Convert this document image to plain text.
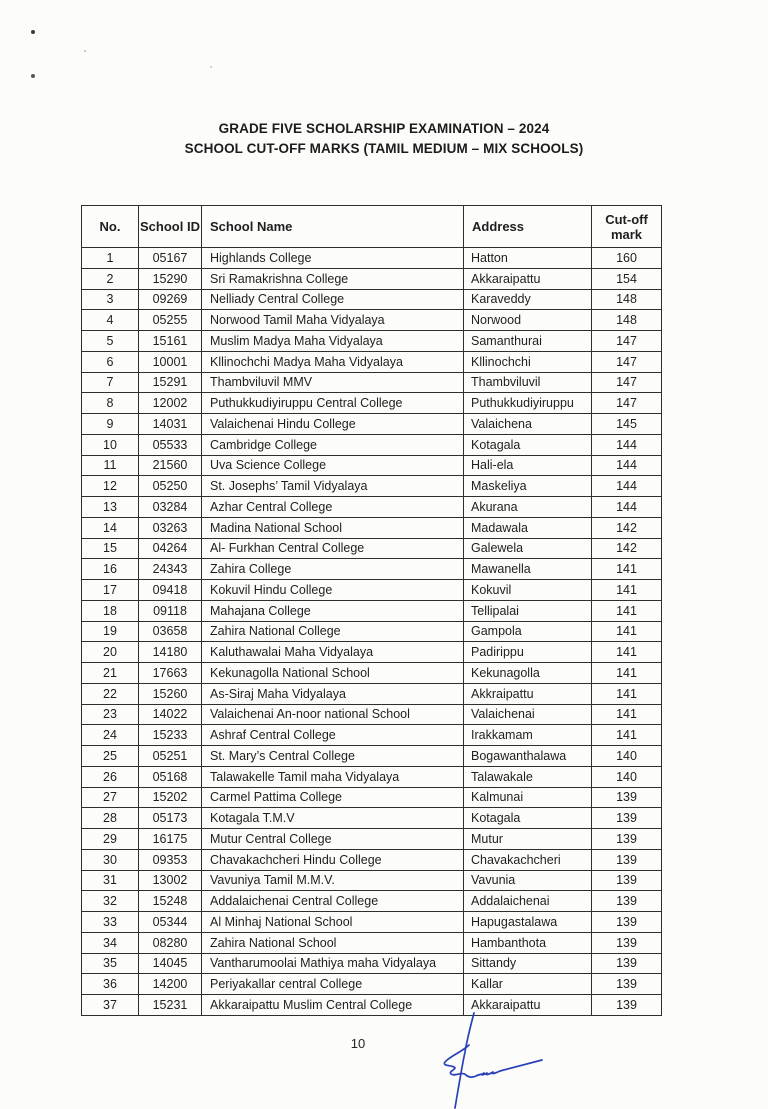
GRADE FIVE SCHOLARSHIP EXAMINATION – 2024
SCHOOL CUT-OFF MARKS (TAMIL MEDIUM – MIX SCHOOLS)
No.	School ID	School Name	Address	Cut-off mark
1	05167	Highlands College	Hatton	160
2	15290	Sri Ramakrishna College	Akkaraipattu	154
3	09269	Nelliady Central College	Karaveddy	148
4	05255	Norwood Tamil Maha Vidyalaya	Norwood	148
5	15161	Muslim Madya Maha Vidyalaya	Samanthurai	147
6	10001	Kllinochchi Madya Maha Vidyalaya	Kllinochchi	147
7	15291	Thambviluvil MMV	Thambviluvil	147
8	12002	Puthukkudiyiruppu Central College	Puthukkudiyiruppu	147
9	14031	Valaichenai Hindu College	Valaichena	145
10	05533	Cambridge College	Kotagala	144
11	21560	Uva Science College	Hali-ela	144
12	05250	St. Josephs’ Tamil Vidyalaya	Maskeliya	144
13	03284	Azhar Central College	Akurana	144
14	03263	Madina National School	Madawala	142
15	04264	Al- Furkhan Central College	Galewela	142
16	24343	Zahira College	Mawanella	141
17	09418	Kokuvil Hindu College	Kokuvil	141
18	09118	Mahajana College	Tellipalai	141
19	03658	Zahira National College	Gampola	141
20	14180	Kaluthawalai Maha Vidyalaya	Padirippu	141
21	17663	Kekunagolla National School	Kekunagolla	141
22	15260	As-Siraj Maha Vidyalaya	Akkraipattu	141
23	14022	Valaichenai An-noor national School	Valaichenai	141
24	15233	Ashraf Central College	Irakkamam	141
25	05251	St. Mary’s Central College	Bogawanthalawa	140
26	05168	Talawakelle Tamil maha Vidyalaya	Talawakale	140
27	15202	Carmel Pattima College	Kalmunai	139
28	05173	Kotagala T.M.V	Kotagala	139
29	16175	Mutur Central College	Mutur	139
30	09353	Chavakachcheri Hindu College	Chavakachcheri	139
31	13002	Vavuniya Tamil M.M.V.	Vavunia	139
32	15248	Addalaichenai Central College	Addalaichenai	139
33	05344	Al Minhaj National School	Hapugastalawa	139
34	08280	Zahira National School	Hambanthota	139
35	14045	Vantharumoolai Mathiya maha Vidyalaya	Sittandy	139
36	14200	Periyakallar central College	Kallar	139
37	15231	Akkaraipattu Muslim Central College	Akkaraipattu	139
10
